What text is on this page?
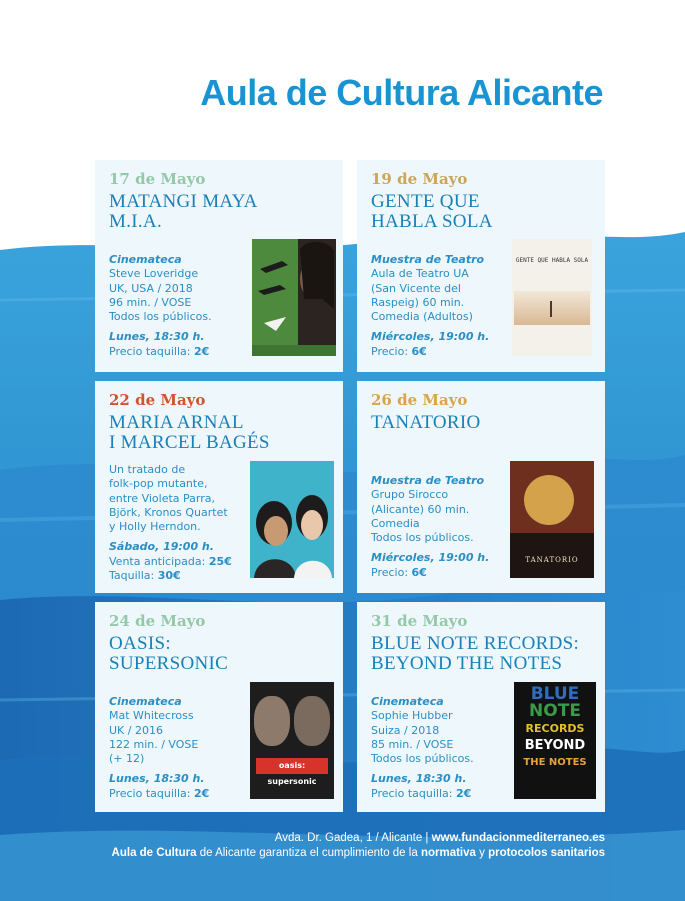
Aula de Cultura Alicante
17 de Mayo
MATANGI MAYA
M.I.A.
Cinemateca
Steve Loveridge
UK, USA / 2018
96 min. / VOSE
Todos los públicos.
Lunes, 18:30 h.
Precio taquilla: 2€
19 de Mayo
GENTE QUE
HABLA SOLA
Muestra de Teatro
Aula de Teatro UA
(San Vicente del
Raspeig) 60 min.
Comedia (Adultos)
Miércoles, 19:00 h.
Precio: 6€
GENTE QUE HABLA SOLA
22 de Mayo
MARIA ARNAL
I MARCEL BAGÉS
Un tratado de
folk-pop mutante,
entre Violeta Parra,
Björk, Kronos Quartet
y Holly Herndon.
Sábado, 19:00 h.
Venta anticipada: 25€
Taquilla: 30€
26 de Mayo
TANATORIO
Muestra de Teatro
Grupo Sirocco
(Alicante) 60 min.
Comedia
Todos los públicos.
Miércoles, 19:00 h.
Precio: 6€
TANATORIO
24 de Mayo
OASIS:
SUPERSONIC
Cinemateca
Mat Whitecross
UK / 2016
122 min. / VOSE
(+ 12)
Lunes, 18:30 h.
Precio taquilla: 2€
oasis: supersonic
31 de Mayo
BLUE NOTE RECORDS:
BEYOND THE NOTES
Cinemateca
Sophie Hubber
Suiza / 2018
85 min. / VOSE
Todos los públicos.
Lunes, 18:30 h.
Precio taquilla: 2€
BLUE
NOTE
RECORDS
BEYOND
THE NOTES
Avda. Dr. Gadea, 1 / Alicante | www.fundacionmediterraneo.es
Aula de Cultura de Alicante garantiza el cumplimiento de la normativa y protocolos sanitarios
